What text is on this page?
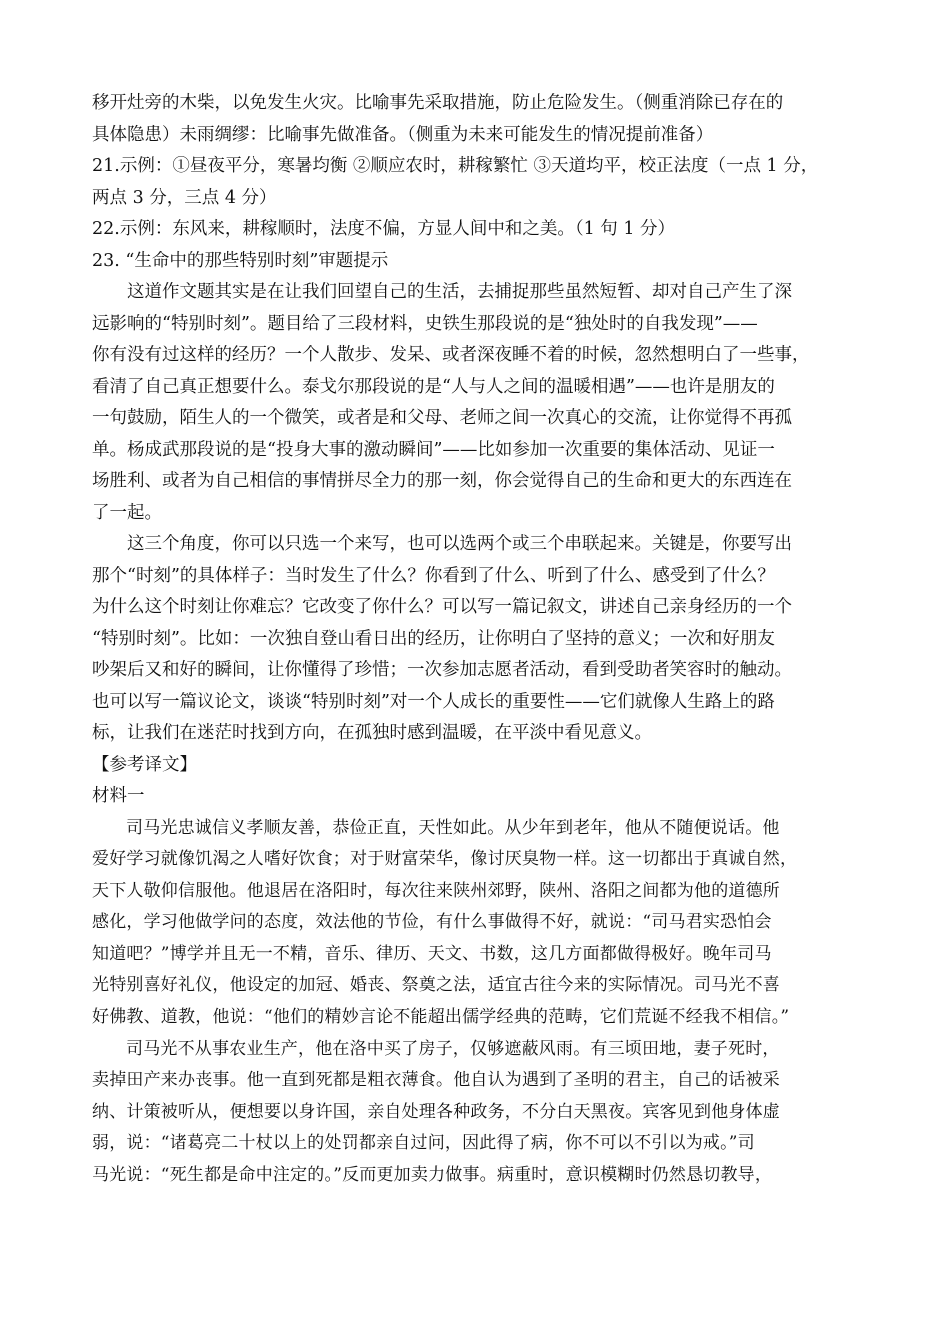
移开灶旁的木柴，以免发生火灾。比喻事先采取措施，防止危险发生。（侧重消除已存在的
具体隐患）未雨绸缪：比喻事先做准备。（侧重为未来可能发生的情况提前准备）

21.示例：①昼夜平分，寒暑均衡 ②顺应农时，耕稼繁忙 ③天道均平，校正法度（一点 1 分，
两点 3 分，三点 4 分）

22.示例：东风来，耕稼顺时，法度不偏，方显人间中和之美。（1 句 1 分）

23. “生命中的那些特别时刻”审题提示

这道作文题其实是在让我们回望自己的生活，去捕捉那些虽然短暂、却对自己产生了深
远影响的“特别时刻”。题目给了三段材料，史铁生那段说的是“独处时的自我发现”——
你有没有过这样的经历？一个人散步、发呆、或者深夜睡不着的时候，忽然想明白了一些事，
看清了自己真正想要什么。泰戈尔那段说的是“人与人之间的温暖相遇”——也许是朋友的
一句鼓励，陌生人的一个微笑，或者是和父母、老师之间一次真心的交流，让你觉得不再孤
单。杨成武那段说的是“投身大事的激动瞬间”——比如参加一次重要的集体活动、见证一
场胜利、或者为自己相信的事情拼尽全力的那一刻，你会觉得自己的生命和更大的东西连在
了一起。

这三个角度，你可以只选一个来写，也可以选两个或三个串联起来。关键是，你要写出
那个“时刻”的具体样子：当时发生了什么？你看到了什么、听到了什么、感受到了什么？
为什么这个时刻让你难忘？它改变了你什么？可以写一篇记叙文，讲述自己亲身经历的一个
“特别时刻”。比如：一次独自登山看日出的经历，让你明白了坚持的意义；一次和好朋友
吵架后又和好的瞬间，让你懂得了珍惜；一次参加志愿者活动，看到受助者笑容时的触动。
也可以写一篇议论文，谈谈“特别时刻”对一个人成长的重要性——它们就像人生路上的路
标，让我们在迷茫时找到方向，在孤独时感到温暖，在平淡中看见意义。

【参考译文】

材料一

司马光忠诚信义孝顺友善，恭俭正直，天性如此。从少年到老年，他从不随便说话。他
爱好学习就像饥渴之人嗜好饮食；对于财富荣华，像讨厌臭物一样。这一切都出于真诚自然，
天下人敬仰信服他。他退居在洛阳时，每次往来陕州郊野，陕州、洛阳之间都为他的道德所
感化，学习他做学问的态度，效法他的节俭，有什么事做得不好，就说：“司马君实恐怕会
知道吧？”博学并且无一不精，音乐、律历、天文、书数，这几方面都做得极好。晚年司马
光特别喜好礼仪，他设定的加冠、婚丧、祭奠之法，适宜古往今来的实际情况。司马光不喜
好佛教、道教，他说：“他们的精妙言论不能超出儒学经典的范畴，它们荒诞不经我不相信。”

司马光不从事农业生产，他在洛中买了房子，仅够遮蔽风雨。有三顷田地，妻子死时，
卖掉田产来办丧事。他一直到死都是粗衣薄食。他自认为遇到了圣明的君主，自己的话被采
纳、计策被听从，便想要以身许国，亲自处理各种政务，不分白天黑夜。宾客见到他身体虚
弱，说：“诸葛亮二十杖以上的处罚都亲自过问，因此得了病，你不可以不引以为戒。”司
马光说：“死生都是命中注定的。”反而更加卖力做事。病重时，意识模糊时仍然恳切教导，
